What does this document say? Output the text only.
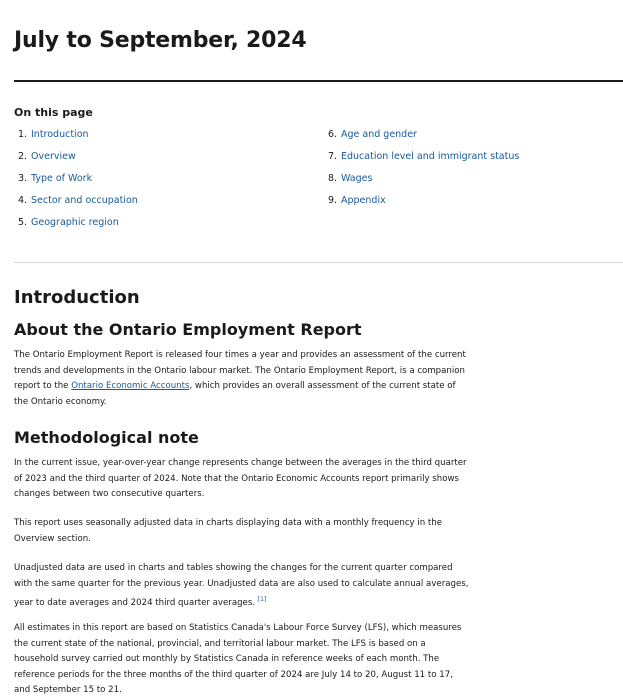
July to September, 2024
On this page
1. Introduction
2. Overview
3. Type of Work
4. Sector and occupation
5. Geographic region
6. Age and gender
7. Education level and immigrant status
8. Wages
9. Appendix
Introduction
About the Ontario Employment Report

The Ontario Employment Report is released four times a year and provides an assessment of the current trends and developments in the Ontario labour market. The Ontario Employment Report, is a companion report to the Ontario Economic Accounts, which provides an overall assessment of the current state of the Ontario economy.

Methodological note

In the current issue, year-over-year change represents change between the averages in the third quarter of 2023 and the third quarter of 2024. Note that the Ontario Economic Accounts report primarily shows changes between two consecutive quarters.

This report uses seasonally adjusted data in charts displaying data with a monthly frequency in the Overview section.

Unadjusted data are used in charts and tables showing the changes for the current quarter compared with the same quarter for the previous year. Unadjusted data are also used to calculate annual averages, year to date averages and 2024 third quarter averages. [1]

All estimates in this report are based on Statistics Canada's Labour Force Survey (LFS), which measures the current state of the national, provincial, and territorial labour market. The LFS is based on a household survey carried out monthly by Statistics Canada in reference weeks of each month. The reference periods for the three months of the third quarter of 2024 are July 14 to 20, August 11 to 17, and September 15 to 21.
